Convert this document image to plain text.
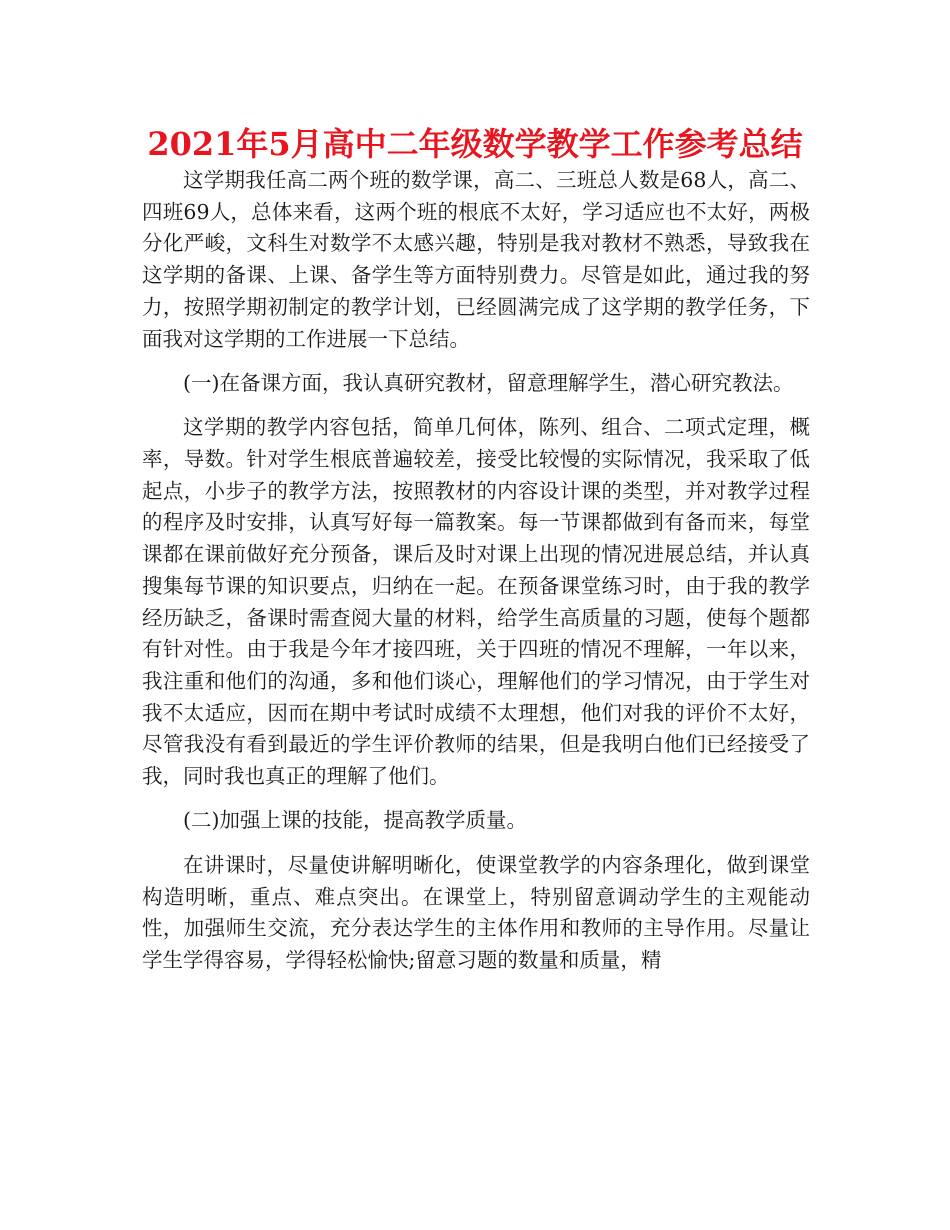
2021年5月高中二年级数学教学工作参考总结

这学期我任高二两个班的数学课，高二、三班总人数是68人，高二、四班69人，总体来看，这两个班的根底不太好，学习适应也不太好，两极分化严峻，文科生对数学不太感兴趣，特别是我对教材不熟悉，导致我在这学期的备课、上课、备学生等方面特别费力。尽管是如此，通过我的努力，按照学期初制定的教学计划，已经圆满完成了这学期的教学任务，下面我对这学期的工作进展一下总结。

(一)在备课方面，我认真研究教材，留意理解学生，潜心研究教法。

这学期的教学内容包括，简单几何体，陈列、组合、二项式定理，概率，导数。针对学生根底普遍较差，接受比较慢的实际情况，我采取了低起点，小步子的教学方法，按照教材的内容设计课的类型，并对教学过程的程序及时安排，认真写好每一篇教案。每一节课都做到有备而来，每堂课都在课前做好充分预备，课后及时对课上出现的情况进展总结，并认真搜集每节课的知识要点，归纳在一起。在预备课堂练习时，由于我的教学经历缺乏，备课时需查阅大量的材料，给学生高质量的习题，使每个题都有针对性。由于我是今年才接四班，关于四班的情况不理解，一年以来，我注重和他们的沟通，多和他们谈心，理解他们的学习情况，由于学生对我不太适应，因而在期中考试时成绩不太理想，他们对我的评价不太好，尽管我没有看到最近的学生评价教师的结果，但是我明白他们已经接受了我，同时我也真正的理解了他们。

(二)加强上课的技能，提高教学质量。

在讲课时，尽量使讲解明晰化，使课堂教学的内容条理化，做到课堂构造明晰，重点、难点突出。在课堂上，特别留意调动学生的主观能动性，加强师生交流，充分表达学生的主体作用和教师的主导作用。尽量让学生学得容易，学得轻松愉快;留意习题的数量和质量，精
